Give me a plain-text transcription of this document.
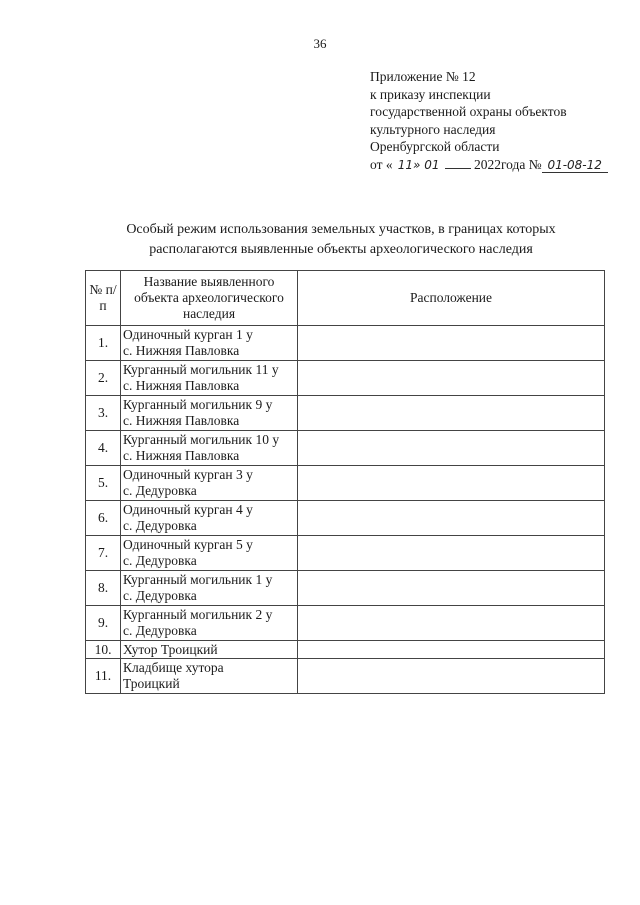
36
Приложение № 12
к приказу инспекции
государственной охраны объектов
культурного наследия
Оренбургской области
от « 11» 01	2022года № 01-08-12
Особый режим использования земельных участков, в границах которых
располагаются выявленные объекты археологического наследия
№ п/п	Название выявленного объекта археологического наследия	Расположение
1.	Одиночный курган 1 у
с. Нижняя Павловка	

2.	Курганный могильник 11 у
с. Нижняя Павловка	

3.	Курганный могильник 9 у
с. Нижняя Павловка	

4.	Курганный могильник 10 у
с. Нижняя Павловка	

5.	Одиночный курган 3 у
с. Дедуровка	

6.	Одиночный курган 4 у
с. Дедуровка	

7.	Одиночный курган 5 у
с. Дедуровка	

8.	Курганный могильник 1 у
с. Дедуровка	

9.	Курганный могильник 2 у
с. Дедуровка	

10.	Хутор Троицкий	

11.	Кладбище хутора
Троицкий	
